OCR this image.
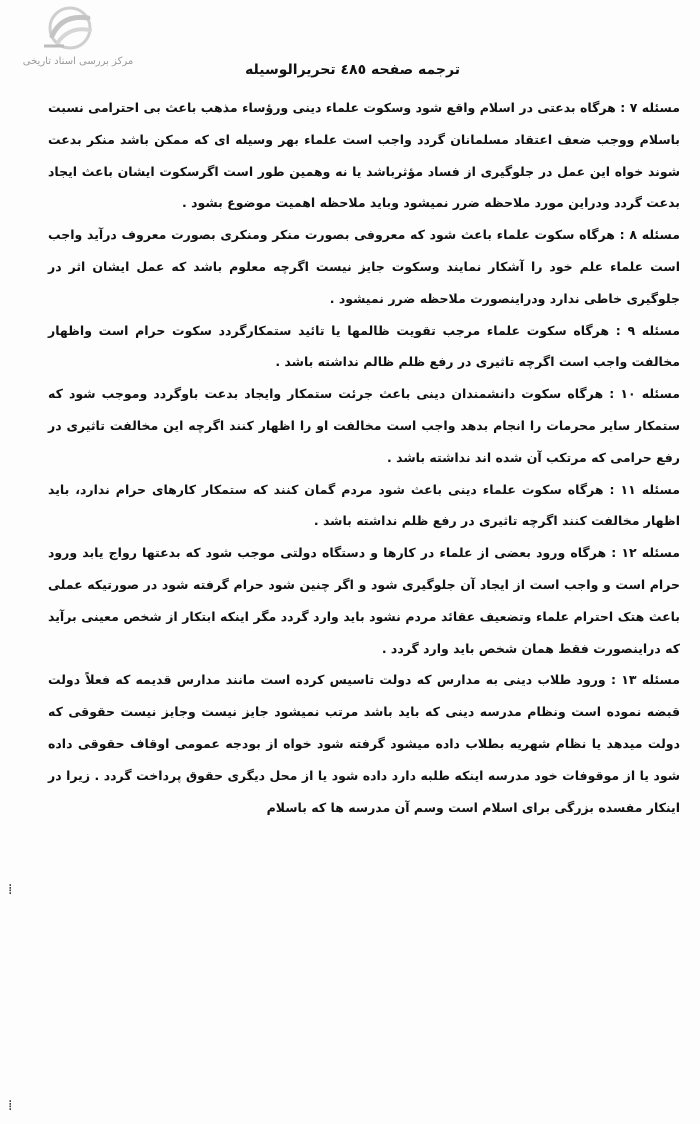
مرکز بررسی اسناد تاریخی
ترجمه صفحه ٤٨٥ تحریرالوسیله

مسئله ٧ : هرگاه بدعتی در اسلام واقع شود وسکوت علماء دینی ورؤساء مذهب باعث بی احترامی نسبت باسلام ووجب ضعف اعتقاد مسلمانان گردد واجب است علماء بهر وسیله ای که ممکن باشد منکر بدعت شوند خواه این عمل در جلوگیری از فساد مؤثرباشد یا نه وهمین طور است اگرسکوت ایشان باعث ایجاد بدعت گردد ودراین مورد ملاحظه ضرر نمیشود وباید ملاحظه اهمیت موضوع بشود .

مسئله ٨ : هرگاه سکوت علماء باعث شود که معروفی بصورت منکر ومنکری بصورت معروف درآید واجب است علماء علم خود را آشکار نمایند وسکوت جایز نیست اگرچه معلوم باشد که عمل ایشان اثر در جلوگیری خاطی ندارد ودراینصورت ملاحظه ضرر نمیشود .

مسئله ٩ : هرگاه سکوت علماء مرجب تقویت ظالمها یا تائید ستمکارگردد سکوت حرام است واظهار مخالفت واجب است اگرچه تاثیری در رفع ظلم ظالم نداشته باشد .

مسئله ١٠ : هرگاه سکوت دانشمندان دینی باعث جرئت ستمکار وایجاد بدعت باوگردد وموجب شود که ستمکار سایر محرمات را انجام بدهد واجب است مخالفت او را اظهار کنند اگرچه این مخالفت تاثیری در رفع حرامی که مرتکب آن شده اند نداشته باشد .

مسئله ١١ : هرگاه سکوت علماء دینی باعث شود مردم گمان کنند که ستمکار کارهای حرام ندارد، باید اظهار مخالفت کنند اگرچه تاثیری در رفع ظلم نداشته باشد .

مسئله ١٢ : هرگاه ورود بعضی از علماء در کارها و دستگاه دولتی موجب شود که بدعتها رواج یابد ورود حرام است و واجب است از ایجاد آن جلوگیری شود و اگر چنین شود حرام گرفته شود در صورتیکه عملی باعث هتک احترام علماء وتضعیف عقائد مردم نشود باید وارد گردد مگر اینکه ابتکار از شخص معینی برآید که دراینصورت فقط همان شخص باید وارد گردد .

مسئله ١٣ : ورود طلاب دینی به مدارس که دولت تاسیس کرده است مانند مدارس قدیمه که فعلاً دولت قبضه نموده است ونظام مدرسه دینی که باید باشد مرتب نمیشود جایز نیست وجایز نیست حقوقی که دولت میدهد یا نظام شهریه بطلاب داده میشود گرفته شود خواه از بودجه عمومی اوقاف حقوقی داده شود یا از موقوفات خود مدرسه اینکه طلبه دارد داده شود یا از محل دیگری حقوق پرداخت گردد . زیرا در اینکار مفسده بزرگی برای اسلام است وسم آن مدرسه ها که باسلام

⁞
⁞
